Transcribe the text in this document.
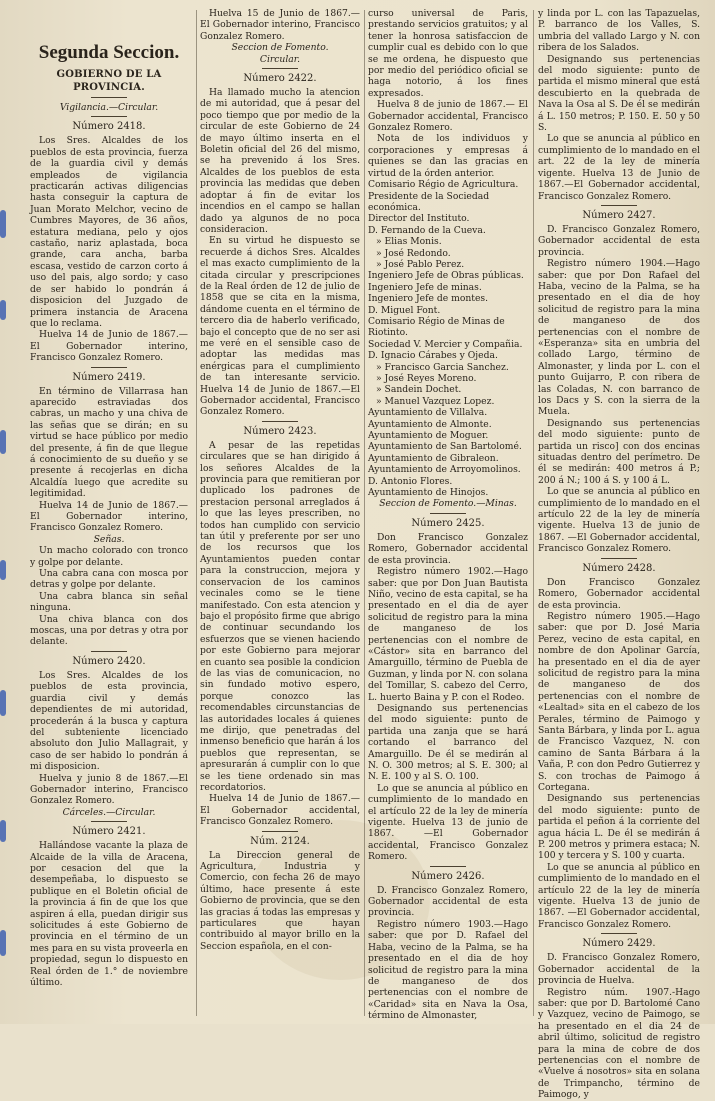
Segunda Seccion.
GOBIERNO DE LA PROVINCIA.
Vigilancia.—Circular.
Número 2418.

Los Sres. Alcaldes de los pueblos de esta provincia, fuerza de la guardia civil y demás empleados de vigilancia practicarán activas diligencias hasta conseguir la captura de Juan Morato Melchor, vecino de Cumbres Mayores, de 36 años, estatura mediana, pelo y ojos castaño, nariz aplastada, boca grande, cara ancha, barba escasa, vestido de carzon corto á uso del pais, algo sordo; y caso de ser habido lo pondrán á disposicion del Juzgado de primera instancia de Aracena que lo reclama.

Huelva 14 de Junio de 1867.— El Gobernador interino, Francisco Gonzalez Romero.

Número 2419.

En término de Villarrasa han aparecido estraviadas dos cabras, un macho y una chiva de las señas que se dirán; en su virtud se hace público por medio del presente, á fin de que llegue á conocimiento de su dueño y se presente á recojerlas en dicha Alcaldía luego que acredite su legitimidad.

Huelva 14 de Junio de 1867.— El Gobernador interino, Francisco Gonzalez Romero.

Señas.

Un macho colorado con tronco y golpe por delante.

Una cabra cana con mosca por detras y golpe por delante.

Una cabra blanca sin señal ninguna.

Una chiva blanca con dos moscas, una por detras y otra por delante.

Número 2420.

Los Sres. Alcaldes de los pueblos de esta provincia, guardia civil y demás dependientes de mi autoridad, procederán á la busca y captura del subteniente licenciado absoluto don Julio Mallagrait, y caso de ser habido lo pondrán á mi disposicion.

Huelva y junio 8 de 1867.—El Gobernador interino, Francisco Gonzalez Romero.

Cárceles.—Circular.
Número 2421.

Hallándose vacante la plaza de Alcaide de la villa de Aracena, por cesacion del que la desempeñaba, lo dispuesto se publique en el Boletin oficial de la provincia á fin de que los que aspiren á ella, puedan dirigir sus solicitudes á este Gobierno de provincia en el término de un mes para en su vista proveerla en propiedad, segun lo dispuesto en Real órden de 1.° de noviembre último.

Huelva 15 de Junio de 1867.— El Gobernador interino, Francisco Gonzalez Romero.

Seccion de Fomento.
Circular.
Número 2422.

Ha llamado mucho la atencion de mi autoridad, que á pesar del poco tiempo que por medio de la circular de este Gobierno de 24 de mayo último inserta en el Boletin oficial del 26 del mismo, se ha prevenido á los Sres. Alcaldes de los pueblos de esta provincia las medidas que deben adoptar á fin de evitar los incendios en el campo se hallan dado ya algunos de no poca consideracion.

En su virtud he dispuesto se recuerde á dichos Sres. Alcaldes el mas exacto cumplimiento de la citada circular y prescripciones de la Real órden de 12 de julio de 1858 que se cita en la misma, dándome cuenta en el término de tercero dia de haberlo verificado, bajo el concepto que de no ser asi me veré en el sensible caso de adoptar las medidas mas enérgicas para el cumplimiento de tan interesante servicio. Huelva 14 de Junio de 1867.—El Gobernador accidental, Francisco Gonzalez Romero.

Número 2423.

A pesar de las repetidas circulares que se han dirigido á los señores Alcaldes de la provincia para que remitieran por duplicado los padrones de prestacion personal arreglados á lo que las leyes prescriben, no todos han cumplido con servicio tan útil y preferente por ser uno de los recursos que los Ayuntamientos pueden contar para la construccion, mejora y conservacion de los caminos vecinales como se le tiene manifestado. Con esta atencion y bajo el propósito firme que abrigo de continuar secundando los esfuerzos que se vienen haciendo por este Gobierno para mejorar en cuanto sea posible la condicion de las vias de comunicacion, no sin fundado motivo espero, porque conozco las recomendables circunstancias de las autoridades locales á quienes me dirijo, que penetradas del inmenso beneficio que harán á los pueblos que representan, se apresurarán á cumplir con lo que se les tiene ordenado sin mas recordatorios.

Huelva 14 de Junio de 1867.— El Gobernador accidental, Francisco Gonzalez Romero.

Núm. 2124.

La Direccion general de Agricultura, Industria y Comercio, con fecha 26 de mayo último, hace presente á este Gobierno de provincia, que se den las gracias á todas las empresas y particulares que hayan contribuido al mayor brillo en la Seccion española, en el con-

curso universal de Paris, prestando servicios gratuitos; y al tener la honrosa satisfaccion de cumplir cual es debido con lo que se me ordena, he dispuesto que por medio del periódico oficial se haga notorio, á los fines expresados.

Huelva 8 de junio de 1867.— El Gobernador accidental, Francisco Gonzalez Romero.

Nota de los individuos y corporaciones y empresas á quienes se dan las gracias en virtud de la órden anterior.

Comisario Régio de Agricultura.
Presidente de la Sociedad económica.
Director del Instituto.
D. Fernando de la Cueva.
» Elias Monis.
» José Redondo.
» José Pablo Perez.
Ingeniero Jefe de Obras públicas.
Ingeniero Jefe de minas.
Ingeniero Jefe de montes.
D. Miguel Font.
Comisario Régio de Minas de Riotinto.
Sociedad V. Mercier y Compañia.
D. Ignacio Cárabes y Ojeda.
» Francisco Garcia Sanchez.
» José Reyes Moreno.
» Sandein Dochet.
» Manuel Vazquez Lopez.
Ayuntamiento de Villalva.
Ayuntamiento de Almonte.
Ayuntamiento de Moguer.
Ayuntamiento de San Bartolomé.
Ayuntamiento de Gibraleon.
Ayuntamiento de Arroyomolinos.
D. Antonio Flores.
Ayuntamiento de Hinojos.
Seccion de Fomento.—Minas.
Número 2425.

Don Francisco Gonzalez Romero, Gobernador accidental de esta provincia.

Registro número 1902.—Hago saber: que por Don Juan Bautista Niño, vecino de esta capital, se ha presentado en el dia de ayer solicitud de registro para la mina de manganeso de los pertenencias con el nombre de «Cástor» sita en barranco del Amarguillo, término de Puebla de Guzman, y linda por N. con solana del Tomillar, S. cabezo del Cerro, L. huerto Baina y P. con el Rodeo.

Designando sus pertenencias del modo siguiente: punto de partida una zanja que se hará cortando el barranco del Amarguillo. De él se medirán al N. O. 300 metros; al S. E. 300; al N. E. 100 y al S. O. 100.

Lo que se anuncia al público en cumplimiento de lo mandado en el artículo 22 de la ley de minería vigente. Huelva 13 de junio de 1867. —El Gobernador accidental, Francisco Gonzalez Romero.

Número 2426.

D. Francisco Gonzalez Romero, Gobernador accidental de esta provincia.

Registro número 1903.—Hago saber: que por D. Rafael del Haba, vecino de la Palma, se ha presentado en el dia de hoy solicitud de registro para la mina de manganeso de dos pertenencias con el nombre de «Caridad» sita en Nava la Osa, término de Almonaster,

y linda por L. con las Tapazuelas, P. barranco de los Valles, S. umbria del vallado Largo y N. con ribera de los Salados.

Designando sus pertenencias del modo siguiente: punto de partida el mismo mineral que está descubierto en la quebrada de Nava la Osa al S. De él se medirán á L. 150 metros; P. 150. E. 50 y 50 S.

Lo que se anuncia al público en cumplimiento de lo mandado en el art. 22 de la ley de minería vigente. Huelva 13 de Junio de 1867.—El Gobernador accidental, Francisco Gonzalez Romero.

Número 2427.

D. Francisco Gonzalez Romero, Gobernador accidental de esta provincia.

Registro número 1904.—Hago saber: que por Don Rafael del Haba, vecino de la Palma, se ha presentado en el dia de hoy solicitud de registro para la mina de manganeso de dos pertenencias con el nombre de «Esperanza» sita en umbria del collado Largo, término de Almonaster, y linda por L. con el punto Guijarro, P. con ribera de las Coladas, N. con barranco de los Dacs y S. con la sierra de la Muela.

Designando sus pertenencias del modo siguiente: punto de partida un risco] con dos encinas situadas dentro del perímetro. De él se medirán: 400 metros á P.; 200 á N.; 100 á S. y 100 á L.

Lo que se anuncia al público en cumplimiento de lo mandado en el artículo 22 de la ley de minería vigente. Huelva 13 de junio de 1867. —El Gobernador accidental, Francisco Gonzalez Romero.

Número 2428.

Don Francisco Gonzalez Romero, Gobernador accidental de esta provincia.

Registro número 1905.—Hago saber: que por D. José Maria Perez, vecino de esta capital, en nombre de don Apolinar García, ha presentado en el dia de ayer solicitud de registro para la mina de manganeso de dos pertenencias con el nombre de «Lealtad» sita en el cabezo de los Perales, término de Paimogo y Santa Bárbara, y linda por L. agua de Francisco Vazquez, N. con camino de Santa Bárbara á la Vaña, P. con don Pedro Gutierrez y S. con trochas de Paimogo á Cortegana.

Designando sus pertenencias del modo siguiente: punto de partida el peñon á la corriente del agua hácia L. De él se medirán á P. 200 metros y primera estaca; N. 100 y tercera y S. 100 y cuarta.

Lo que se anuncia al público en cumplimiento de lo mandado en el artículo 22 de la ley de minería vigente. Huelva 13 de junio de 1867. —El Gobernador accidental, Francisco Gonzalez Romero.

Número 2429.

D. Francisco Gonzalez Romero, Gobernador accidental de la provincia de Huelva.

Registro núm. 1907.-Hago saber: que por D. Bartolomé Cano y Vazquez, vecino de Paimogo, se ha presentado en el dia 24 de abril último, solicitud de registro para la mina de cobre de dos pertenencias con el nombre de «Vuelve á nosotros» sita en solana de Trimpancho, término de Paimogo, y
